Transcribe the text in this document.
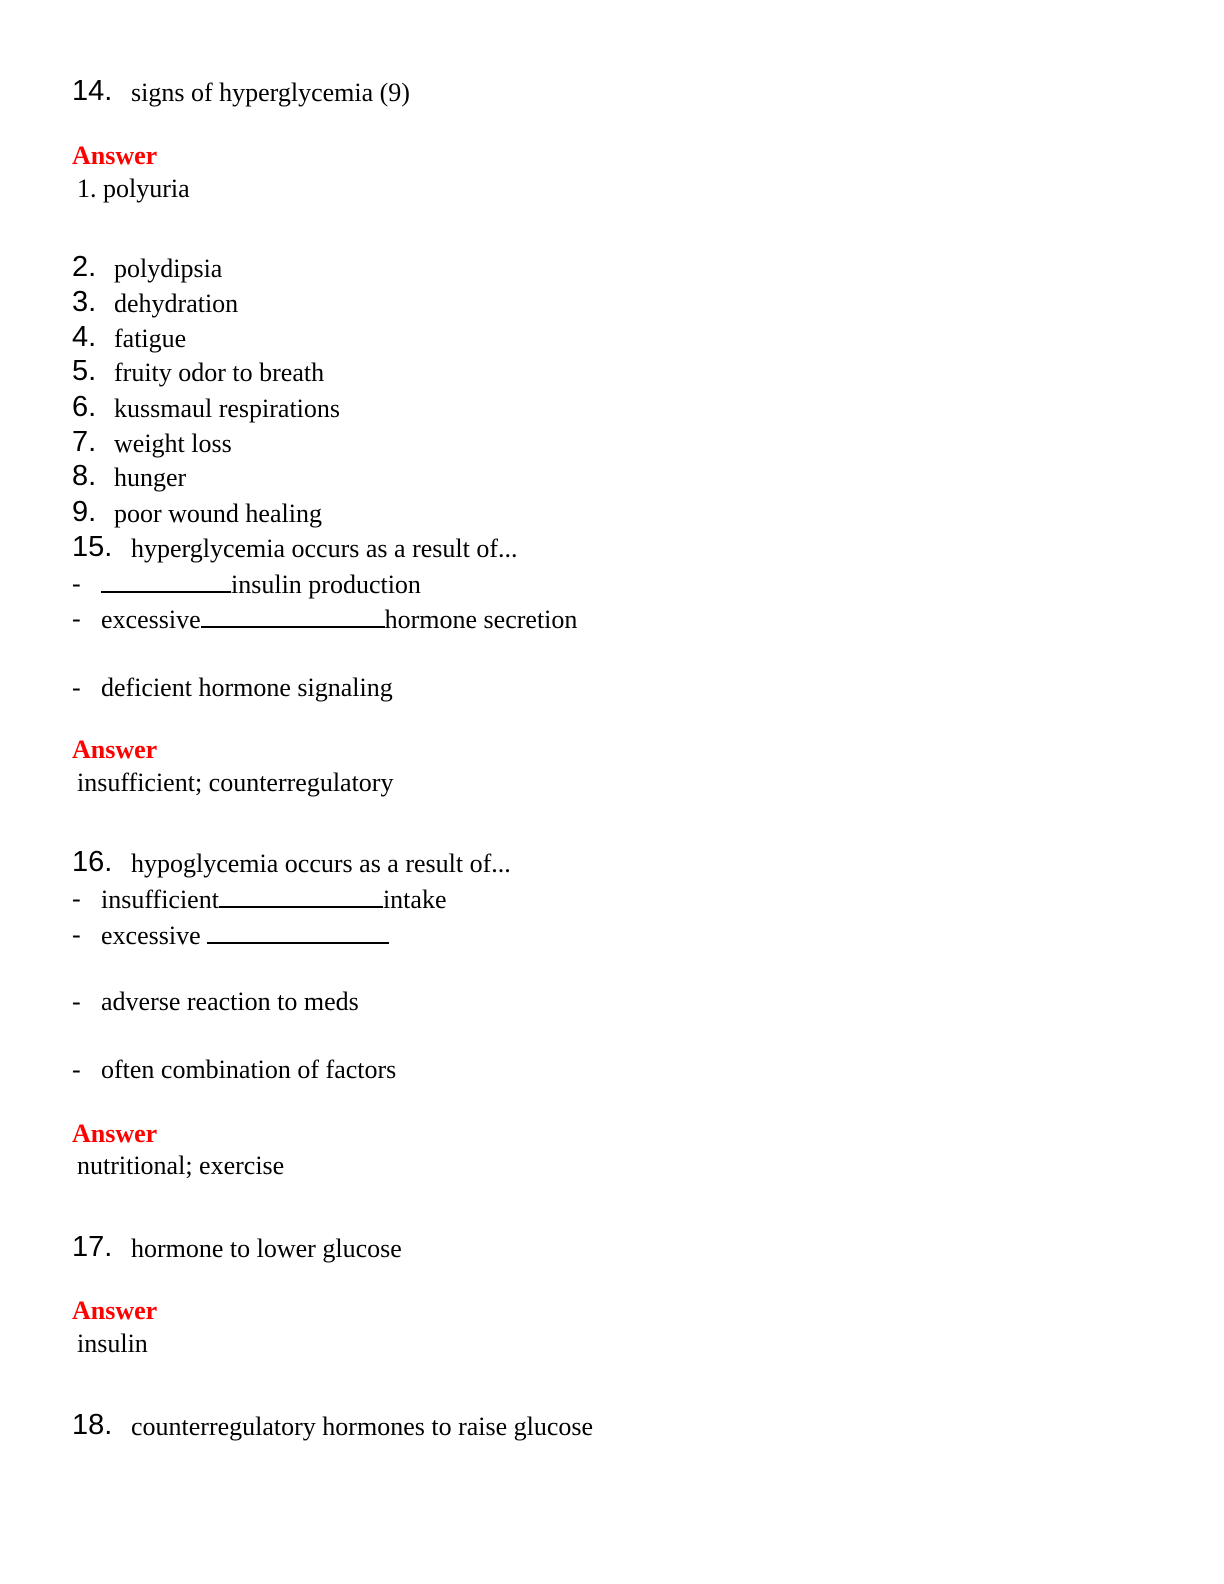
14. signs of hyperglycemia (9)
Answer
1. polyuria
2. polydipsia
3. dehydration
4. fatigue
5. fruity odor to breath
6. kussmaul respirations
7. weight loss
8. hunger
9. poor wound healing
15. hyperglycemia occurs as a result of...
-	insulin production
- excessive	hormone secretion
- deficient hormone signaling
Answer
insufficient; counterregulatory
16. hypoglycemia occurs as a result of...
- insufficient	intake
- excessive
- adverse reaction to meds
- often combination of factors
Answer
nutritional; exercise
17. hormone to lower glucose
Answer
insulin
18. counterregulatory hormones to raise glucose
